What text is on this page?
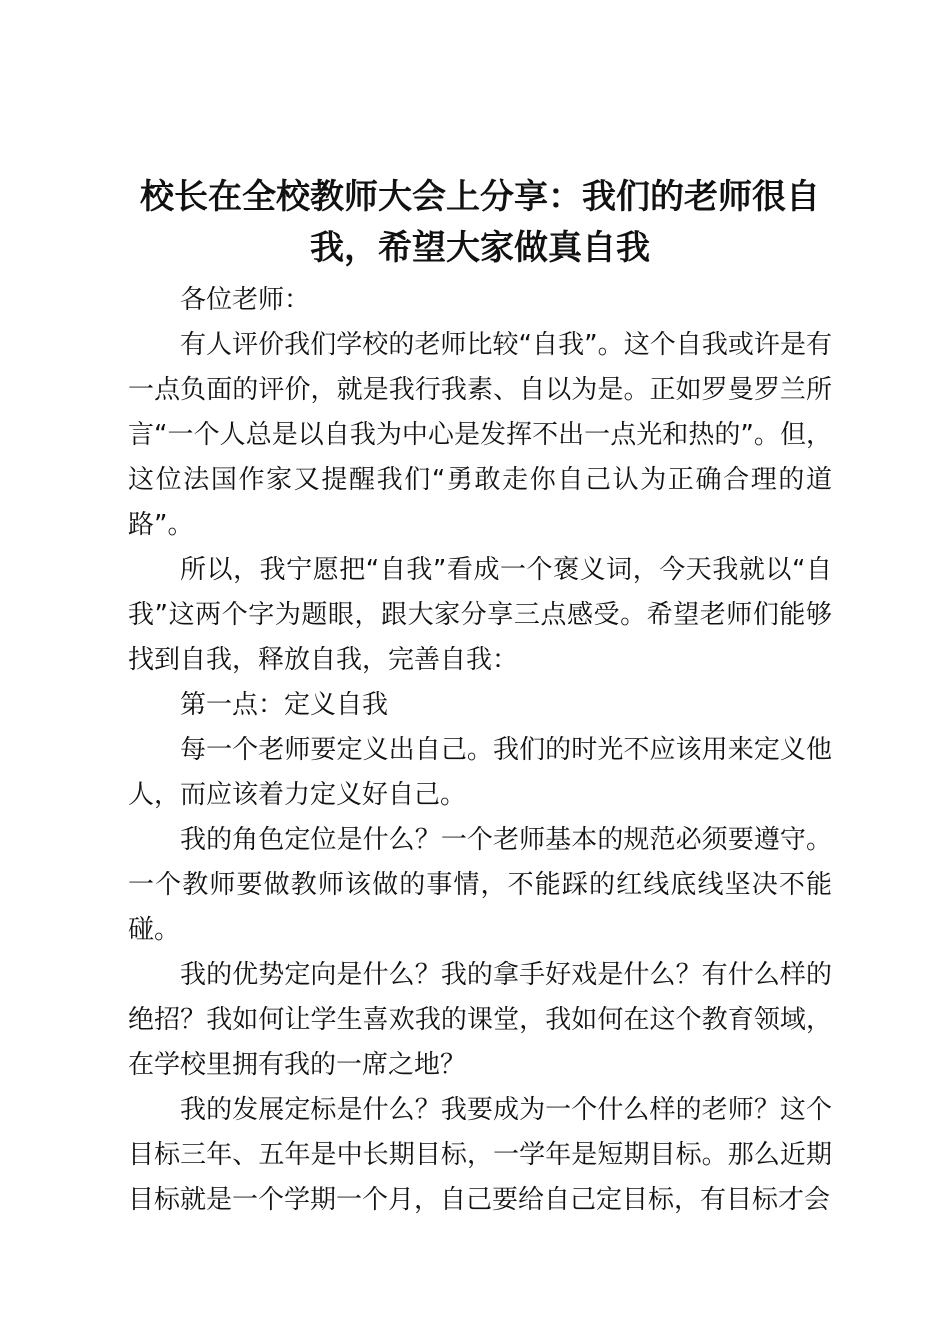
校长在全校教师大会上分享：我们的老师很自我，希望大家做真自我

各位老师：

有人评价我们学校的老师比较“自我”。这个自我或许是有一点负面的评价，就是我行我素、自以为是。正如罗曼罗兰所言“一个人总是以自我为中心是发挥不出一点光和热的”。但，这位法国作家又提醒我们“勇敢走你自己认为正确合理的道路”。

所以，我宁愿把“自我”看成一个褒义词，今天我就以“自我”这两个字为题眼，跟大家分享三点感受。希望老师们能够找到自我，释放自我，完善自我：

第一点：定义自我

每一个老师要定义出自己。我们的时光不应该用来定义他人，而应该着力定义好自己。

我的角色定位是什么？一个老师基本的规范必须要遵守。一个教师要做教师该做的事情，不能踩的红线底线坚决不能碰。

我的优势定向是什么？我的拿手好戏是什么？有什么样的绝招？我如何让学生喜欢我的课堂，我如何在这个教育领域，在学校里拥有我的一席之地？

我的发展定标是什么？我要成为一个什么样的老师？这个目标三年、五年是中长期目标，一学年是短期目标。那么近期目标就是一个学期一个月，自己要给自己定目标，有目标才会
